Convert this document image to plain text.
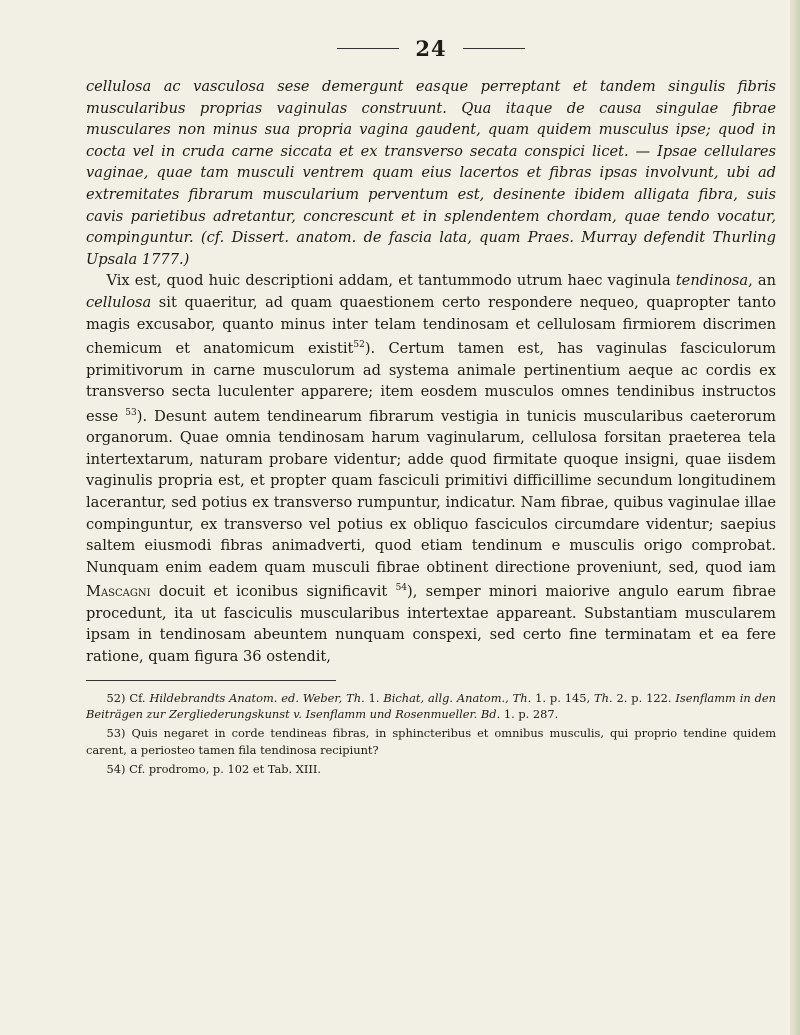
24

cellulosa ac vasculosa sese demergunt easque perreptant et tandem singulis fibris muscularibus proprias vaginulas construunt. Qua itaque de causa singulae fibrae musculares non minus sua propria vagina gaudent, quam quidem musculus ipse; quod in cocta vel in cruda carne siccata et ex transverso secata conspici licet. — Ipsae cellulares vaginae, quae tam musculi ventrem quam eius lacertos et fibras ipsas involvunt, ubi ad extremitates fibrarum muscularium perventum est, desinente ibidem alligata fibra, suis cavis parietibus adretantur, concrescunt et in splendentem chordam, quae tendo vocatur, compinguntur. (cf. Dissert. anatom. de fascia lata, quam Praes. Murray defendit Thurling Upsala 1777.)

Vix est, quod huic descriptioni addam, et tantummodo utrum haec vaginula tendinosa, an cellulosa sit quaeritur, ad quam quaestionem certo respondere nequeo, quapropter tanto magis excusabor, quanto minus inter telam tendinosam et cellulosam firmiorem discrimen chemicum et anatomicum existit$^{52}$). Certum tamen est, has vaginulas fasciculorum primitivorum in carne musculorum ad systema animale pertinentium aeque ac cordis ex transverso secta luculenter apparere; item eosdem musculos omnes tendinibus instructos esse $^{53}$). Desunt autem tendinearum fibrarum vestigia in tunicis muscularibus caeterorum organorum. Quae omnia tendinosam harum vaginularum, cellulosa forsitan praeterea tela intertextarum, naturam probare videntur; adde quod firmitate quoque insigni, quae iisdem vaginulis propria est, et propter quam fasciculi primitivi difficillime secundum longitudinem lacerantur, sed potius ex transverso rumpuntur, indicatur. Nam fibrae, quibus vaginulae illae compinguntur, ex transverso vel potius ex obliquo fasciculos circumdare videntur; saepius saltem eiusmodi fibras animadverti, quod etiam tendinum e musculis origo comprobat. Nunquam enim eadem quam musculi fibrae obtinent directione proveniunt, sed, quod iam Mascagni docuit et iconibus significavit $^{54}$), semper minori maiorive angulo earum fibrae procedunt, ita ut fasciculis muscularibus intertextae appareant. Substantiam muscularem ipsam in tendinosam abeuntem nunquam conspexi, sed certo fine terminatam et ea fere ratione, quam figura 36 ostendit,

52) Cf. Hildebrandts Anatom. ed. Weber, Th. 1. Bichat, allg. Anatom., Th. 1. p. 145, Th. 2. p. 122. Isenflamm in den Beiträgen zur Zergliederungskunst v. Isenflamm und Rosenmueller. Bd. 1. p. 287.

53) Quis negaret in corde tendineas fibras, in sphincteribus et omnibus musculis, qui proprio tendine quidem carent, a periosteo tamen fila tendinosa recipiunt?

54) Cf. prodromo, p. 102 et Tab. XIII.
